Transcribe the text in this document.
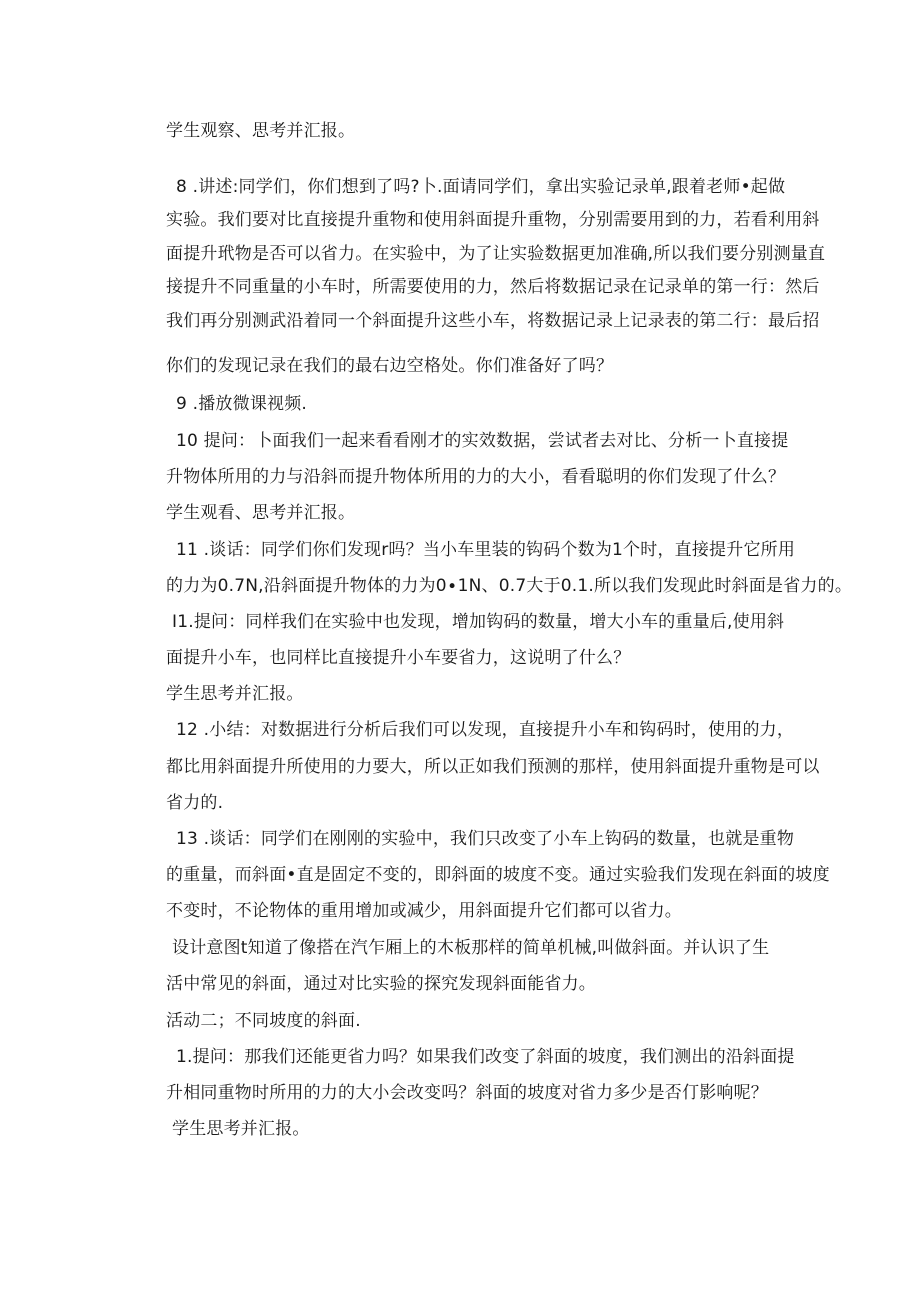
学生观察、思考并汇报。
8 .讲述:同学们，你们想到了吗?卜.面请同学们，拿出实验记录单,跟着老师•起做
实验。我们要对比直接提升重物和使用斜面提升重物，分别需要用到的力，若看利用斜
面提升玳物是否可以省力。在实验中，为了让实验数据更加准确,所以我们要分别测量直
接提升不同重量的小车时，所需要使用的力，然后将数据记录在记录单的第一行：然后
我们再分别测武沿着同一个斜面提升这些小车，将数据记录上记录表的第二行：最后招
你们的发现记录在我们的最右边空格处。你们准备好了吗？
9 .播放微课视频.
10 提问：卜面我们一起来看看刚才的实效数据，尝试者去对比、分析一卜直接提
升物体所用的力与沿斜而提升物体所用的力的大小，看看聪明的你们发现了什么？
学生观看、思考并汇报。
11 .谈话：同学们你们发现r吗？当小车里装的钩码个数为1个时，直接提升它所用
的力为0.7N,沿斜面提升物体的力为0∙1N、0.7大于0.1.所以我们发现此时斜面是省力的。
I1.提问：同样我们在实验中也发现，增加钩码的数量，增大小车的重量后,使用斜
面提升小车，也同样比直接提升小车要省力，这说明了什么？
学生思考并汇报。
12 .小结：对数据进行分析后我们可以发现，直接提升小车和钩码时，使用的力，
都比用斜面提升所使用的力要大，所以正如我们预测的那样，使用斜面提升重物是可以
省力的.
13 .谈话：同学们在刚刚的实验中，我们只改变了小车上钩码的数量，也就是重物
的重量，而斜面•直是固定不变的，即斜面的坡度不变。通过实验我们发现在斜面的坡度
不变时，不论物体的重用增加或减少，用斜面提升它们都可以省力。
设计意图t知道了像搭在汽乍厢上的木板那样的简单机械,叫做斜面。并认识了生
活中常见的斜面，通过对比实验的探究发现斜面能省力。
活动二；不同坡度的斜面.
1.提问：那我们还能更省力吗？如果我们改变了斜面的坡度，我们测出的沿斜面提
升相同重物时所用的力的大小会改变吗？斜面的坡度对省力多少是否仃影响呢？
学生思考并汇报。
